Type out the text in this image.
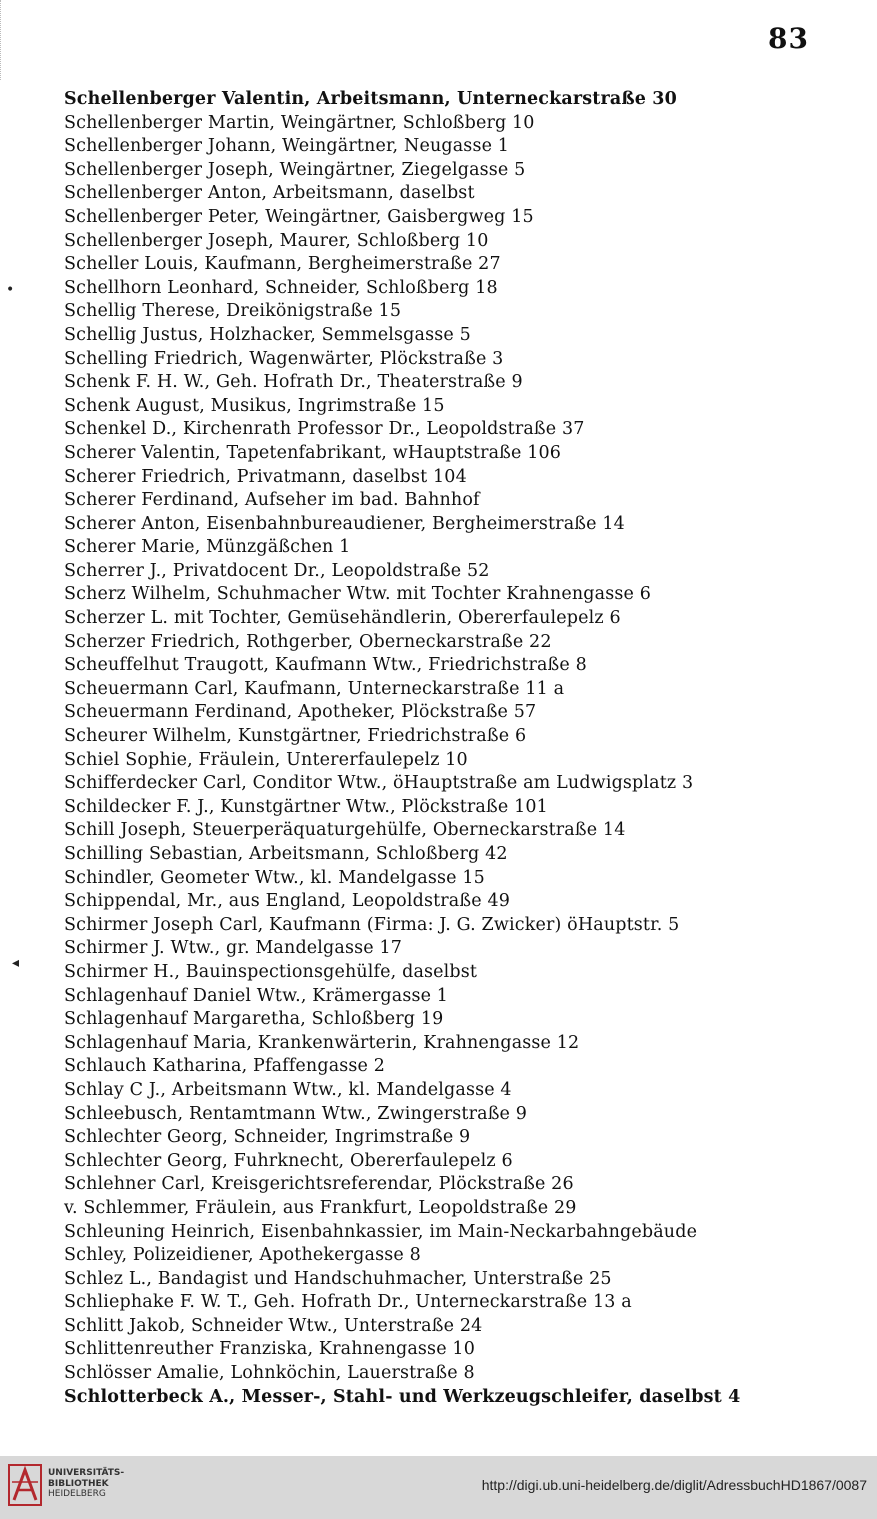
83
•
◂
Schellenberger Valentin, Arbeitsmann, Unterneckarstraße 30
Schellenberger Martin, Weingärtner, Schloßberg 10
Schellenberger Johann, Weingärtner, Neugasse 1
Schellenberger Joseph, Weingärtner, Ziegelgasse 5
Schellenberger Anton, Arbeitsmann, daselbst
Schellenberger Peter, Weingärtner, Gaisbergweg 15
Schellenberger Joseph, Maurer, Schloßberg 10
Scheller Louis, Kaufmann, Bergheimerstraße 27
Schellhorn Leonhard, Schneider, Schloßberg 18
Schellig Therese, Dreikönigstraße 15
Schellig Justus, Holzhacker, Semmelsgasse 5
Schelling Friedrich, Wagenwärter, Plöckstraße 3
Schenk F. H. W., Geh. Hofrath Dr., Theaterstraße 9
Schenk August, Musikus, Ingrimstraße 15
Schenkel D., Kirchenrath Professor Dr., Leopoldstraße 37
Scherer Valentin, Tapetenfabrikant, wHauptstraße 106
Scherer Friedrich, Privatmann, daselbst 104
Scherer Ferdinand, Aufseher im bad. Bahnhof
Scherer Anton, Eisenbahnbureaudiener, Bergheimerstraße 14
Scherer Marie, Münzgäßchen 1
Scherrer J., Privatdocent Dr., Leopoldstraße 52
Scherz Wilhelm, Schuhmacher Wtw. mit Tochter Krahnengasse 6
Scherzer L. mit Tochter, Gemüsehändlerin, Obererfaulepelz 6
Scherzer Friedrich, Rothgerber, Oberneckarstraße 22
Scheuffelhut Traugott, Kaufmann Wtw., Friedrichstraße 8
Scheuermann Carl, Kaufmann, Unterneckarstraße 11 a
Scheuermann Ferdinand, Apotheker, Plöckstraße 57
Scheurer Wilhelm, Kunstgärtner, Friedrichstraße 6
Schiel Sophie, Fräulein, Untererfaulepelz 10
Schifferdecker Carl, Conditor Wtw., öHauptstraße am Ludwigsplatz 3
Schildecker F. J., Kunstgärtner Wtw., Plöckstraße 101
Schill Joseph, Steuerperäquaturgehülfe, Oberneckarstraße 14
Schilling Sebastian, Arbeitsmann, Schloßberg 42
Schindler, Geometer Wtw., kl. Mandelgasse 15
Schippendal, Mr., aus England, Leopoldstraße 49
Schirmer Joseph Carl, Kaufmann (Firma: J. G. Zwicker) öHauptstr. 5
Schirmer J. Wtw., gr. Mandelgasse 17
Schirmer H., Bauinspectionsgehülfe, daselbst
Schlagenhauf Daniel Wtw., Krämergasse 1
Schlagenhauf Margaretha, Schloßberg 19
Schlagenhauf Maria, Krankenwärterin, Krahnengasse 12
Schlauch Katharina, Pfaffengasse 2
Schlay C J., Arbeitsmann Wtw., kl. Mandelgasse 4
Schleebusch, Rentamtmann Wtw., Zwingerstraße 9
Schlechter Georg, Schneider, Ingrimstraße 9
Schlechter Georg, Fuhrknecht, Obererfaulepelz 6
Schlehner Carl, Kreisgerichtsreferendar, Plöckstraße 26
v. Schlemmer, Fräulein, aus Frankfurt, Leopoldstraße 29
Schleuning Heinrich, Eisenbahnkassier, im Main-Neckarbahngebäude
Schley, Polizeidiener, Apothekergasse 8
Schlez L., Bandagist und Handschuhmacher, Unterstraße 25
Schliephake F. W. T., Geh. Hofrath Dr., Unterneckarstraße 13 a
Schlitt Jakob, Schneider Wtw., Unterstraße 24
Schlittenreuther Franziska, Krahnengasse 10
Schlösser Amalie, Lohnköchin, Lauerstraße 8
Schlotterbeck A., Messer-, Stahl- und Werkzeugschleifer, daselbst 4
UNIVERSITÄTS-
BIBLIOTHEK
HEIDELBERG
http://digi.ub.uni-heidelberg.de/diglit/AdressbuchHD1867/0087
